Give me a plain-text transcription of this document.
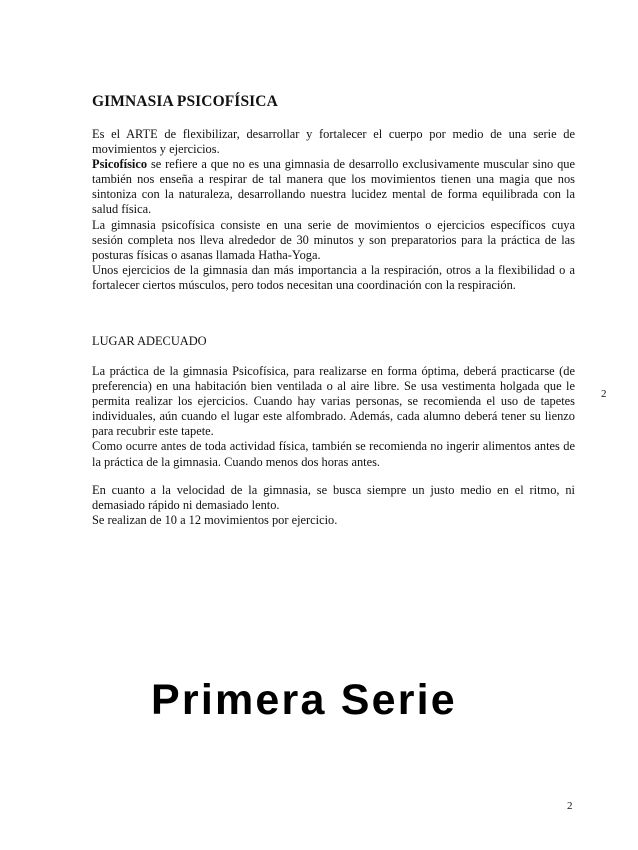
GIMNASIA PSICOFÍSICA

Es el ARTE de flexibilizar, desarrollar y fortalecer el cuerpo por medio de una serie de movimientos y ejercicios.

Psicofísico se refiere a que no es una gimnasia de desarrollo exclusivamente muscular sino que también nos enseña a respirar de tal manera que los movimientos tienen una magia que nos sintoniza con la naturaleza, desarrollando nuestra lucidez mental de forma equilibrada con la salud física.

La gimnasia psicofísica consiste en una serie de movimientos o ejercicios específicos cuya sesión completa nos lleva alrededor de 30 minutos y son preparatorios para la práctica de las posturas físicas o asanas llamada Hatha-Yoga.

Unos ejercicios de la gimnasia dan más importancia a la respiración, otros a la flexibilidad o a fortalecer ciertos músculos, pero todos necesitan una coordinación con la respiración.

LUGAR ADECUADO

La práctica de la gimnasia Psicofísica, para realizarse en forma óptima, deberá practicarse (de preferencia) en una habitación bien ventilada o al aire libre. Se usa vestimenta holgada que le permita realizar los ejercicios. Cuando hay varias personas, se recomienda el uso de tapetes individuales, aún cuando el lugar este alfombrado. Además, cada alumno deberá tener su lienzo para recubrir este tapete.

Como ocurre antes de toda actividad física, también se recomienda no ingerir alimentos antes de la práctica de la gimnasia. Cuando menos dos horas antes.

En cuanto a la velocidad de la gimnasia, se busca siempre un justo medio en el ritmo, ni demasiado rápido ni demasiado lento.

Se realizan de 10 a 12 movimientos por ejercicio.

2
Primera Serie
2
